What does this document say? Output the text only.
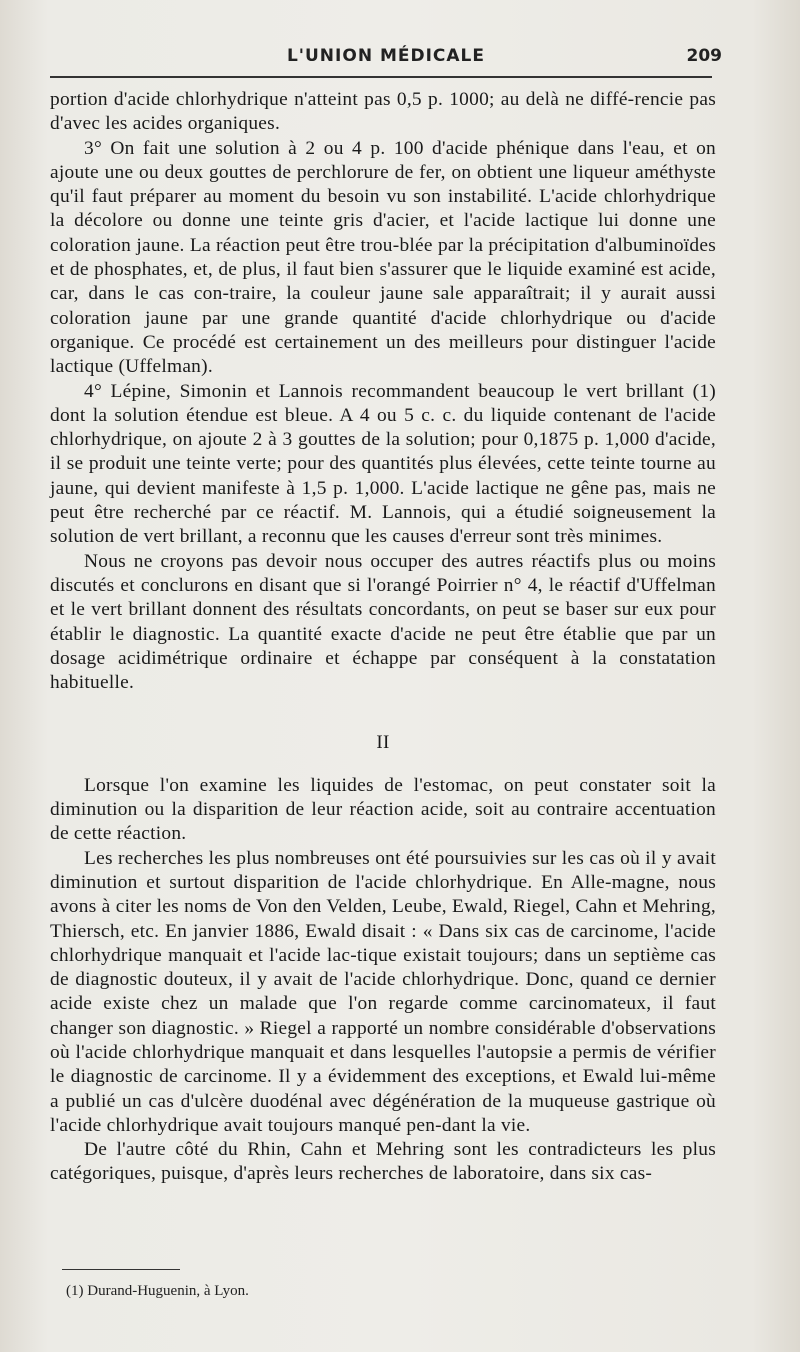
L'UNION MÉDICALE	209

portion d'acide chlorhydrique n'atteint pas 0,5 p. 1000; au delà ne diffé-rencie pas d'avec les acides organiques.

3° On fait une solution à 2 ou 4 p. 100 d'acide phénique dans l'eau, et on ajoute une ou deux gouttes de perchlorure de fer, on obtient une liqueur améthyste qu'il faut préparer au moment du besoin vu son instabilité. L'acide chlorhydrique la décolore ou donne une teinte gris d'acier, et l'acide lactique lui donne une coloration jaune. La réaction peut être trou-blée par la précipitation d'albuminoïdes et de phosphates, et, de plus, il faut bien s'assurer que le liquide examiné est acide, car, dans le cas con-traire, la couleur jaune sale apparaîtrait; il y aurait aussi coloration jaune par une grande quantité d'acide chlorhydrique ou d'acide organique. Ce procédé est certainement un des meilleurs pour distinguer l'acide lactique (Uffelman).

4° Lépine, Simonin et Lannois recommandent beaucoup le vert brillant (1) dont la solution étendue est bleue. A 4 ou 5 c. c. du liquide contenant de l'acide chlorhydrique, on ajoute 2 à 3 gouttes de la solution; pour 0,1875 p. 1,000 d'acide, il se produit une teinte verte; pour des quantités plus élevées, cette teinte tourne au jaune, qui devient manifeste à 1,5 p. 1,000. L'acide lactique ne gêne pas, mais ne peut être recherché par ce réactif. M. Lannois, qui a étudié soigneusement la solution de vert brillant, a reconnu que les causes d'erreur sont très minimes.

Nous ne croyons pas devoir nous occuper des autres réactifs plus ou moins discutés et conclurons en disant que si l'orangé Poirrier n° 4, le réactif d'Uffelman et le vert brillant donnent des résultats concordants, on peut se baser sur eux pour établir le diagnostic. La quantité exacte d'acide ne peut être établie que par un dosage acidimétrique ordinaire et échappe par conséquent à la constatation habituelle.

II

Lorsque l'on examine les liquides de l'estomac, on peut constater soit la diminution ou la disparition de leur réaction acide, soit au contraire accentuation de cette réaction.

Les recherches les plus nombreuses ont été poursuivies sur les cas où il y avait diminution et surtout disparition de l'acide chlorhydrique. En Alle-magne, nous avons à citer les noms de Von den Velden, Leube, Ewald, Riegel, Cahn et Mehring, Thiersch, etc. En janvier 1886, Ewald disait : « Dans six cas de carcinome, l'acide chlorhydrique manquait et l'acide lac-tique existait toujours; dans un septième cas de diagnostic douteux, il y avait de l'acide chlorhydrique. Donc, quand ce dernier acide existe chez un malade que l'on regarde comme carcinomateux, il faut changer son diagnostic. » Riegel a rapporté un nombre considérable d'observations où l'acide chlorhydrique manquait et dans lesquelles l'autopsie a permis de vérifier le diagnostic de carcinome. Il y a évidemment des exceptions, et Ewald lui-même a publié un cas d'ulcère duodénal avec dégénération de la muqueuse gastrique où l'acide chlorhydrique avait toujours manqué pen-dant la vie.

De l'autre côté du Rhin, Cahn et Mehring sont les contradicteurs les plus catégoriques, puisque, d'après leurs recherches de laboratoire, dans six cas-

(1) Durand-Huguenin, à Lyon.
